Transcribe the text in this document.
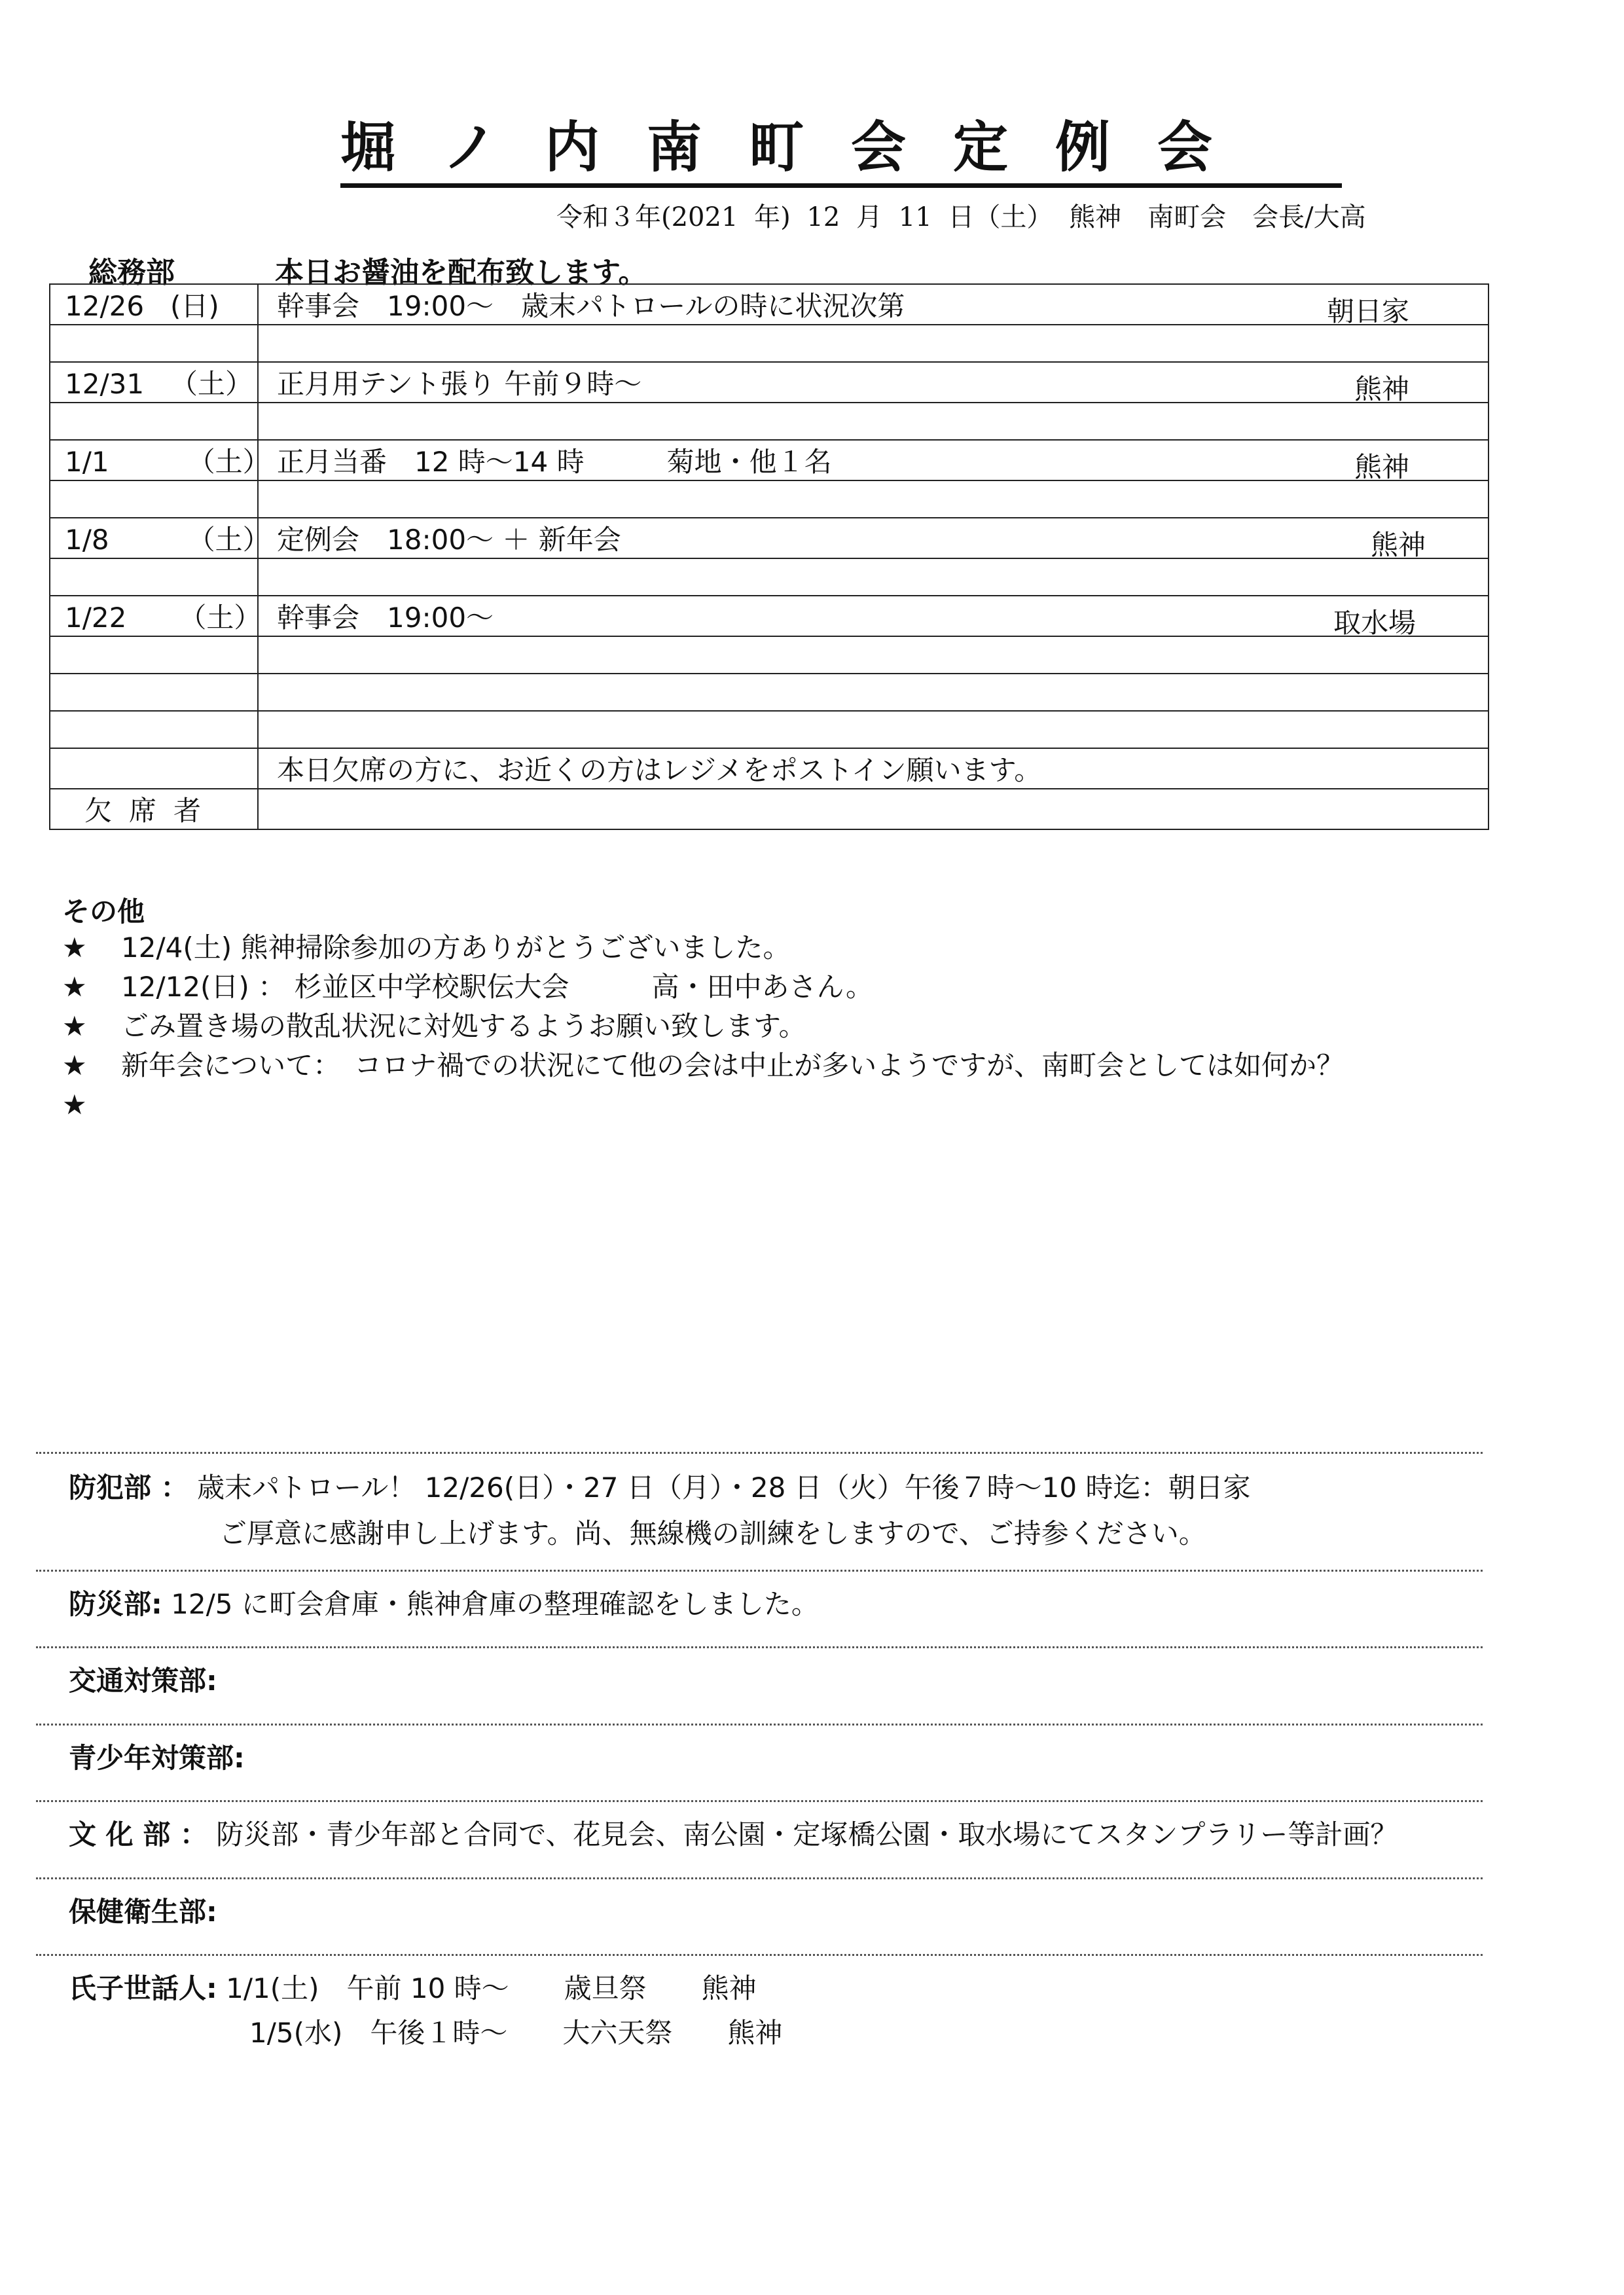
堀ノ内南町会定例会
令和３年(2021 年) 12 月 11 日（土） 熊神　南町会　会長/大高
総務部	本日お醤油を配布致します。
12/26 (日)	幹事会　19:00～　歳末パトロールの時に状況次第 朝日家

12/31 （土）	正月用テント張り 午前９時～ 熊神

1/1 （土）	正月当番　12 時～14 時　　　菊地・他１名 熊神

1/8 （土）	定例会　18:00～ ＋ 新年会 熊神

1/22 （土）	幹事会　19:00～ 取水場

	本日欠席の方に、お近くの方はレジメをポストイン願います。
欠席者	
その他
★ 12/4(土) 熊神掃除参加の方ありがとうございました。
★ 12/12(日) ： 杉並区中学校駅伝大会　　　高・田中あさん。
★ ごみ置き場の散乱状況に対処するようお願い致します。
★ 新年会について：　コロナ禍での状況にて他の会は中止が多いようですが、南町会としては如何か？
★
防犯部 ： 歳末パトロール！ 12/26(日）・27 日（月）・28 日（火）午後７時～10 時迄：朝日家
ご厚意に感謝申し上げます。尚、無線機の訓練をしますので、ご持参ください。
防災部: 12/5 に町会倉庫・熊神倉庫の整理確認をしました。
交通対策部:
青少年対策部:
文 化 部 ： 防災部・青少年部と合同で、花見会、南公園・定塚橋公園・取水場にてスタンプラリー等計画？
保健衛生部:
氏子世話人: 1/1(土)　午前 10 時～　　歳旦祭　　熊神
1/5(水)　午後１時～　　大六天祭　　熊神
